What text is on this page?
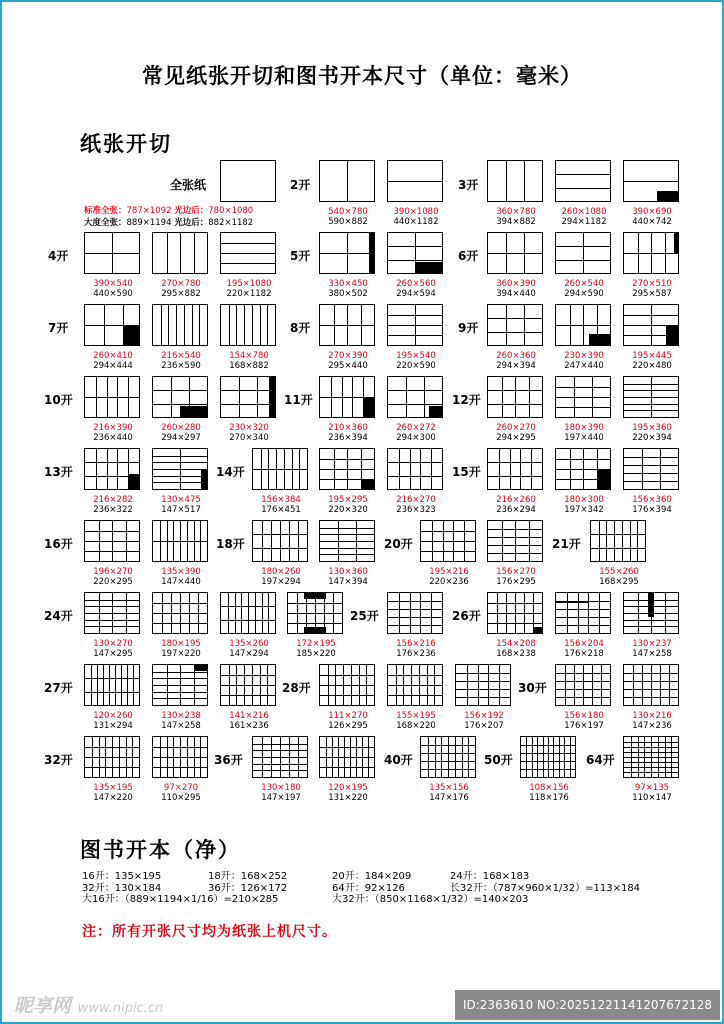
常见纸张开切和图书开本尺寸（单位：毫米）
纸张开切
全张纸
标准全张：787×1092 光边后：780×1080
大度全张：889×1194 光边后：882×1182
2开
540×780
590×882
390×1080
440×1182
3开
360×780
394×882
260×1080
294×1182
390×690
440×742
4开
390×540
440×590
270×780
295×882
195×1080
220×1182
5开
330×450
380×502
260×560
294×594
6开
360×390
394×440
260×540
294×590
270×510
295×587
7开
260×410
294×444
216×540
236×590
154×780
168×882
8开
270×390
295×440
195×540
220×590
9开
260×360
294×394
230×390
247×440
195×445
220×480
10开
216×390
236×440
260×280
294×297
230×320
270×340
11开
210×360
236×394
260×272
294×300
12开
260×270
294×295
180×390
197×440
195×360
220×394
13开
216×282
236×322
130×475
147×517
14开
156×384
176×451
195×295
220×320
216×270
236×323
15开
216×260
236×294
180×300
197×342
156×360
176×394
16开
196×270
220×295
135×390
147×440
18开
180×260
197×294
130×360
147×394
20开
195×216
220×236
156×270
176×295
21开
155×260
168×295
24开
130×270
147×295
180×195
197×220
135×260
147×294
172×195
185×220
25开
156×216
176×236
26开
154×208
168×238
156×204
176×218
130×237
147×258
27开
120×260
131×294
130×238
147×258
141×216
161×236
28开
111×270
126×295
155×195
168×220
156×192
176×207
30开
156×180
176×197
130×216
147×236
32开
135×195
147×220
97×270
110×295
36开
130×180
147×197
120×195
131×220
40开
135×156
147×176
50开
108×156
118×176
64开
97×135
110×147
图书开本（净）
16开：135×195	18开：168×252	20开：184×209	24开：168×183
32开：130×184	36开：126×172	64开：92×126	长32开：（787×960×1/32）=113×184
大16开：（889×1194×1/16）=210×285	大32开：（850×1168×1/32）=140×203
注：所有开张尺寸均为纸张上机尺寸。
昵享网 www.nipic.cn	ID:2363610 NO:20251221141207672128
